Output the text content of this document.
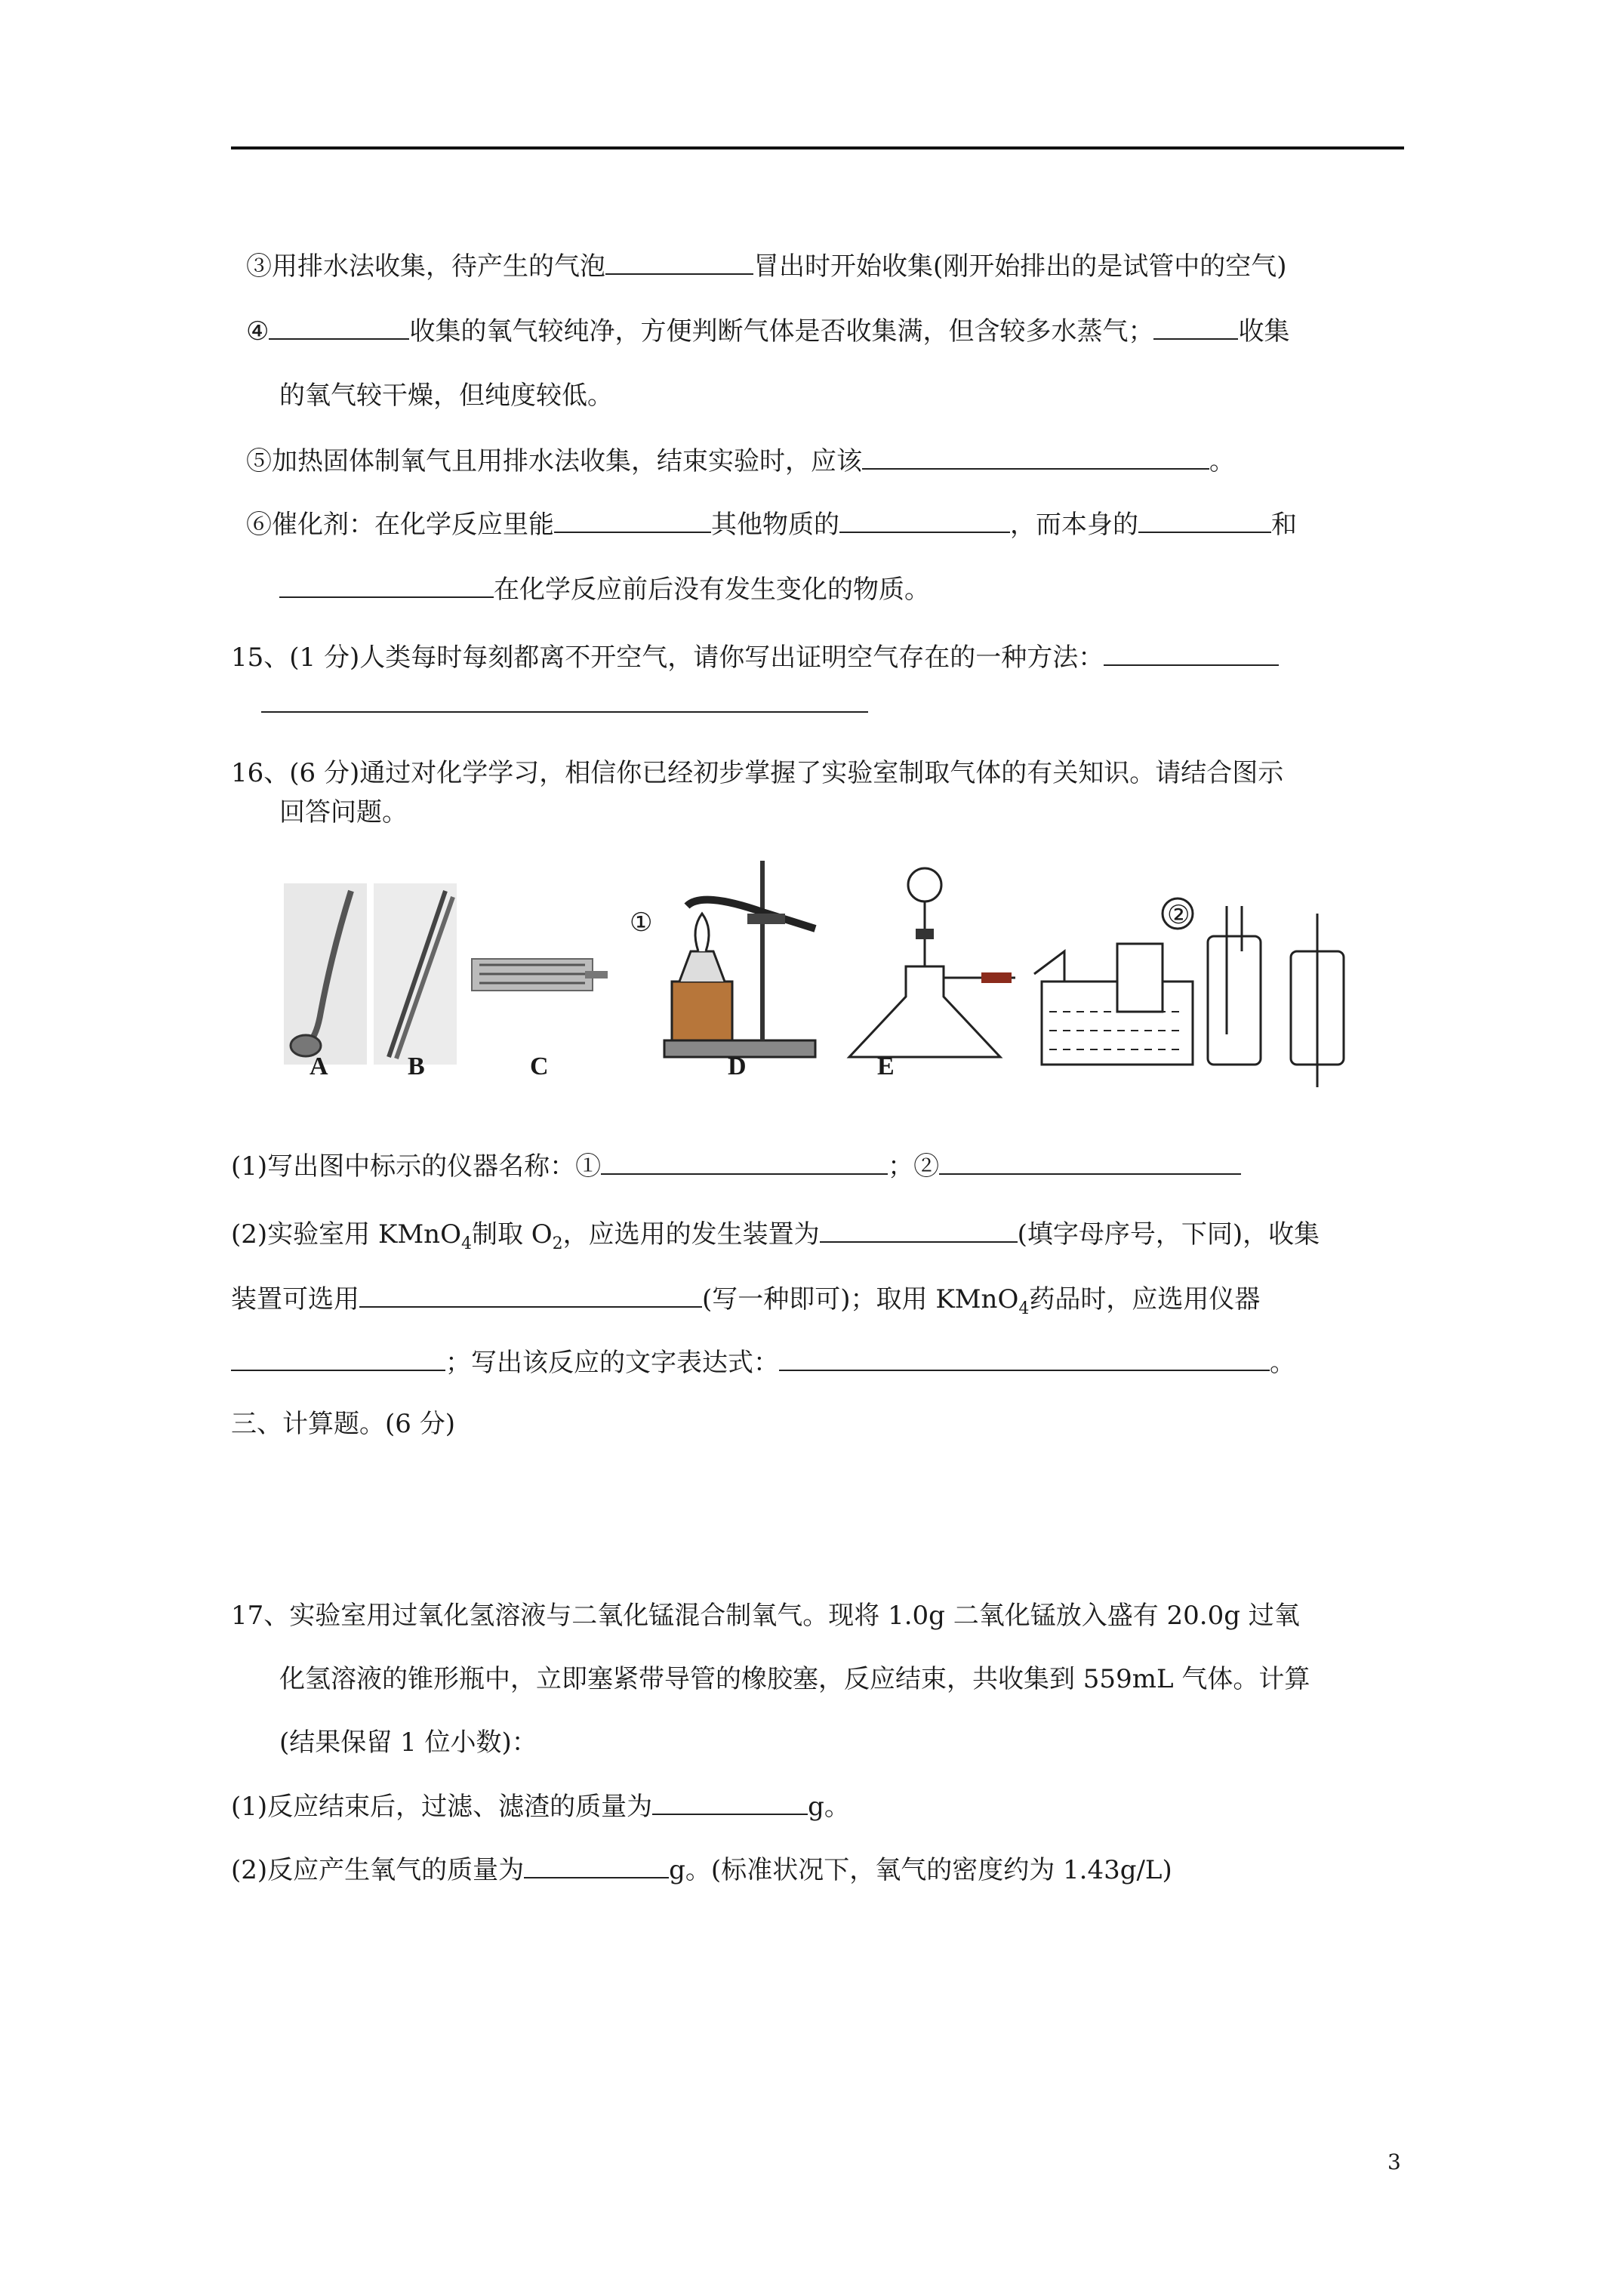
③用排水法收集，待产生的气泡	冒出时开始收集(刚开始排出的是试管中的空气)
④	收集的氧气较纯净，方便判断气体是否收集满，但含较多水蒸气；	收集
的氧气较干燥，但纯度较低。
⑤加热固体制氧气且用排水法收集，结束实验时，应该	。
⑥催化剂：在化学反应里能	其他物质的	，而本身的	和
在化学反应前后没有发生变化的物质。
15、(1 分)人类每时每刻都离不开空气，请你写出证明空气存在的一种方法：
16、(6 分)通过对化学学习，相信你已经初步掌握了实验室制取气体的有关知识。请结合图示
回答问题。
①	②
A	B	C	D	E
(1)写出图中标示的仪器名称：①	；②
(2)实验室用 KMnO$_4$制取 $O_2$，应选用的发生装置为	(填字母序号，下同)，收集
装置可选用	(写一种即可)；取用 KMnO$_4$药品时，应选用仪器
；写出该反应的文字表达式：	。
三、计算题。(6 分)
17、实验室用过氧化氢溶液与二氧化锰混合制氧气。现将 1.0g 二氧化锰放入盛有 20.0g 过氧
化氢溶液的锥形瓶中，立即塞紧带导管的橡胶塞，反应结束，共收集到 559mL 气体。计算
(结果保留 1 位小数)：
(1)反应结束后，过滤、滤渣的质量为	g。
(2)反应产生氧气的质量为	g。(标准状况下，氧气的密度约为 1.43g/L)
3
